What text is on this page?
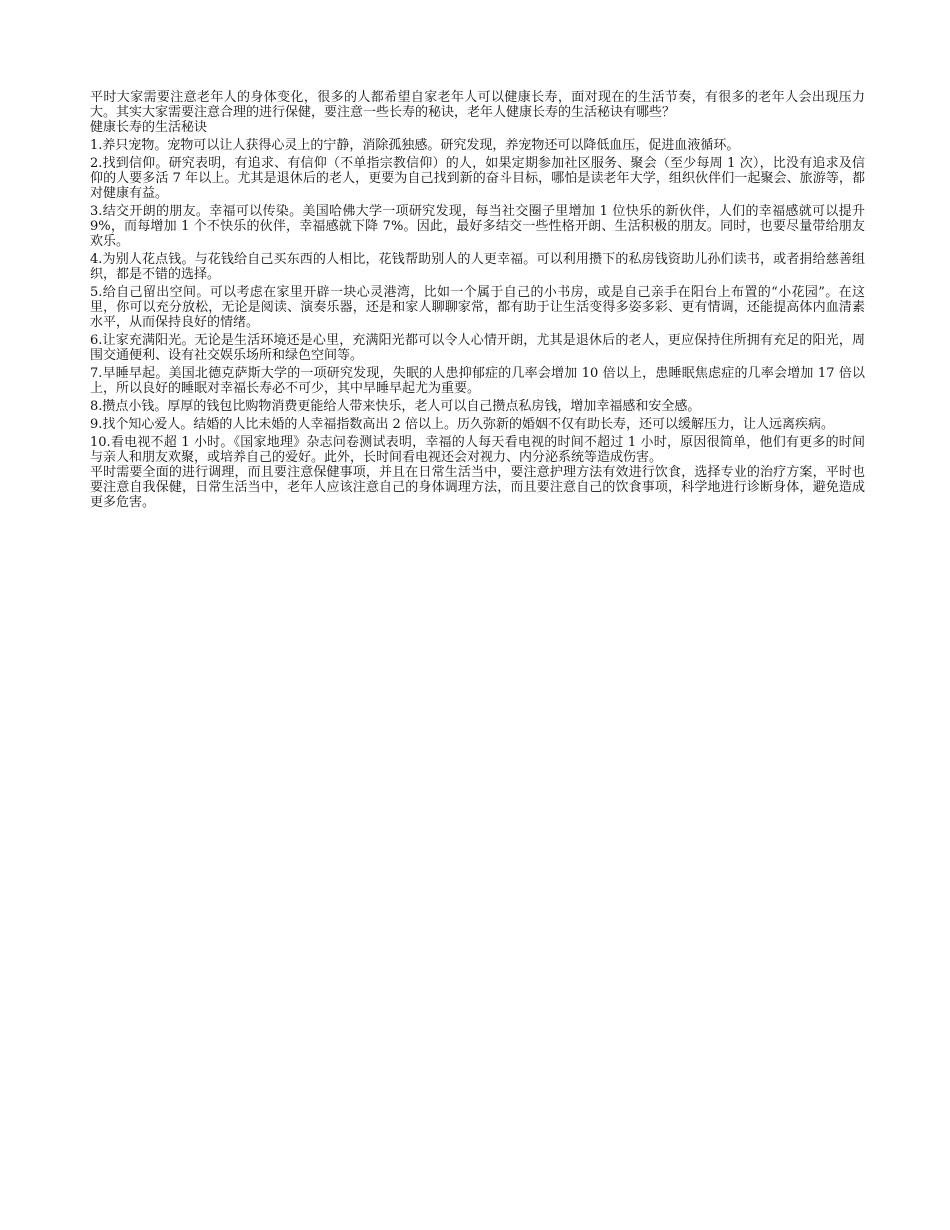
平时大家需要注意老年人的身体变化，很多的人都希望自家老年人可以健康长寿，面对现在的生活节奏，有很多的老年人会出现压力大。其实大家需要注意合理的进行保健，要注意一些长寿的秘诀，老年人健康长寿的生活秘诀有哪些？

健康长寿的生活秘诀

1.养只宠物。宠物可以让人获得心灵上的宁静，消除孤独感。研究发现，养宠物还可以降低血压，促进血液循环。

2.找到信仰。研究表明，有追求、有信仰（不单指宗教信仰）的人，如果定期参加社区服务、聚会（至少每周 1 次），比没有追求及信仰的人要多活 7 年以上。尤其是退休后的老人，更要为自己找到新的奋斗目标，哪怕是读老年大学，组织伙伴们一起聚会、旅游等，都对健康有益。

3.结交开朗的朋友。幸福可以传染。美国哈佛大学一项研究发现，每当社交圈子里增加 1 位快乐的新伙伴，人们的幸福感就可以提升 9%，而每增加 1 个不快乐的伙伴，幸福感就下降 7%。因此，最好多结交一些性格开朗、生活积极的朋友。同时，也要尽量带给朋友欢乐。

4.为别人花点钱。与花钱给自己买东西的人相比，花钱帮助别人的人更幸福。可以利用攒下的私房钱资助儿孙们读书，或者捐给慈善组织，都是不错的选择。

5.给自己留出空间。可以考虑在家里开辟一块心灵港湾，比如一个属于自己的小书房，或是自己亲手在阳台上布置的“小花园”。在这里，你可以充分放松，无论是阅读、演奏乐器，还是和家人聊聊家常，都有助于让生活变得多姿多彩、更有情调，还能提高体内血清素水平，从而保持良好的情绪。

6.让家充满阳光。无论是生活环境还是心里，充满阳光都可以令人心情开朗，尤其是退休后的老人，更应保持住所拥有充足的阳光，周围交通便利、设有社交娱乐场所和绿色空间等。

7.早睡早起。美国北德克萨斯大学的一项研究发现，失眠的人患抑郁症的几率会增加 10 倍以上，患睡眠焦虑症的几率会增加 17 倍以上，所以良好的睡眠对幸福长寿必不可少，其中早睡早起尤为重要。

8.攒点小钱。厚厚的钱包比购物消费更能给人带来快乐，老人可以自己攒点私房钱，增加幸福感和安全感。

9.找个知心爱人。结婚的人比未婚的人幸福指数高出 2 倍以上。历久弥新的婚姻不仅有助长寿，还可以缓解压力，让人远离疾病。

10.看电视不超 1 小时。《国家地理》杂志问卷测试表明，幸福的人每天看电视的时间不超过 1 小时，原因很简单，他们有更多的时间与亲人和朋友欢聚，或培养自己的爱好。此外，长时间看电视还会对视力、内分泌系统等造成伤害。

平时需要全面的进行调理，而且要注意保健事项，并且在日常生活当中，要注意护理方法有效进行饮食，选择专业的治疗方案，平时也要注意自我保健，日常生活当中，老年人应该注意自己的身体调理方法，而且要注意自己的饮食事项，科学地进行诊断身体，避免造成更多危害。
